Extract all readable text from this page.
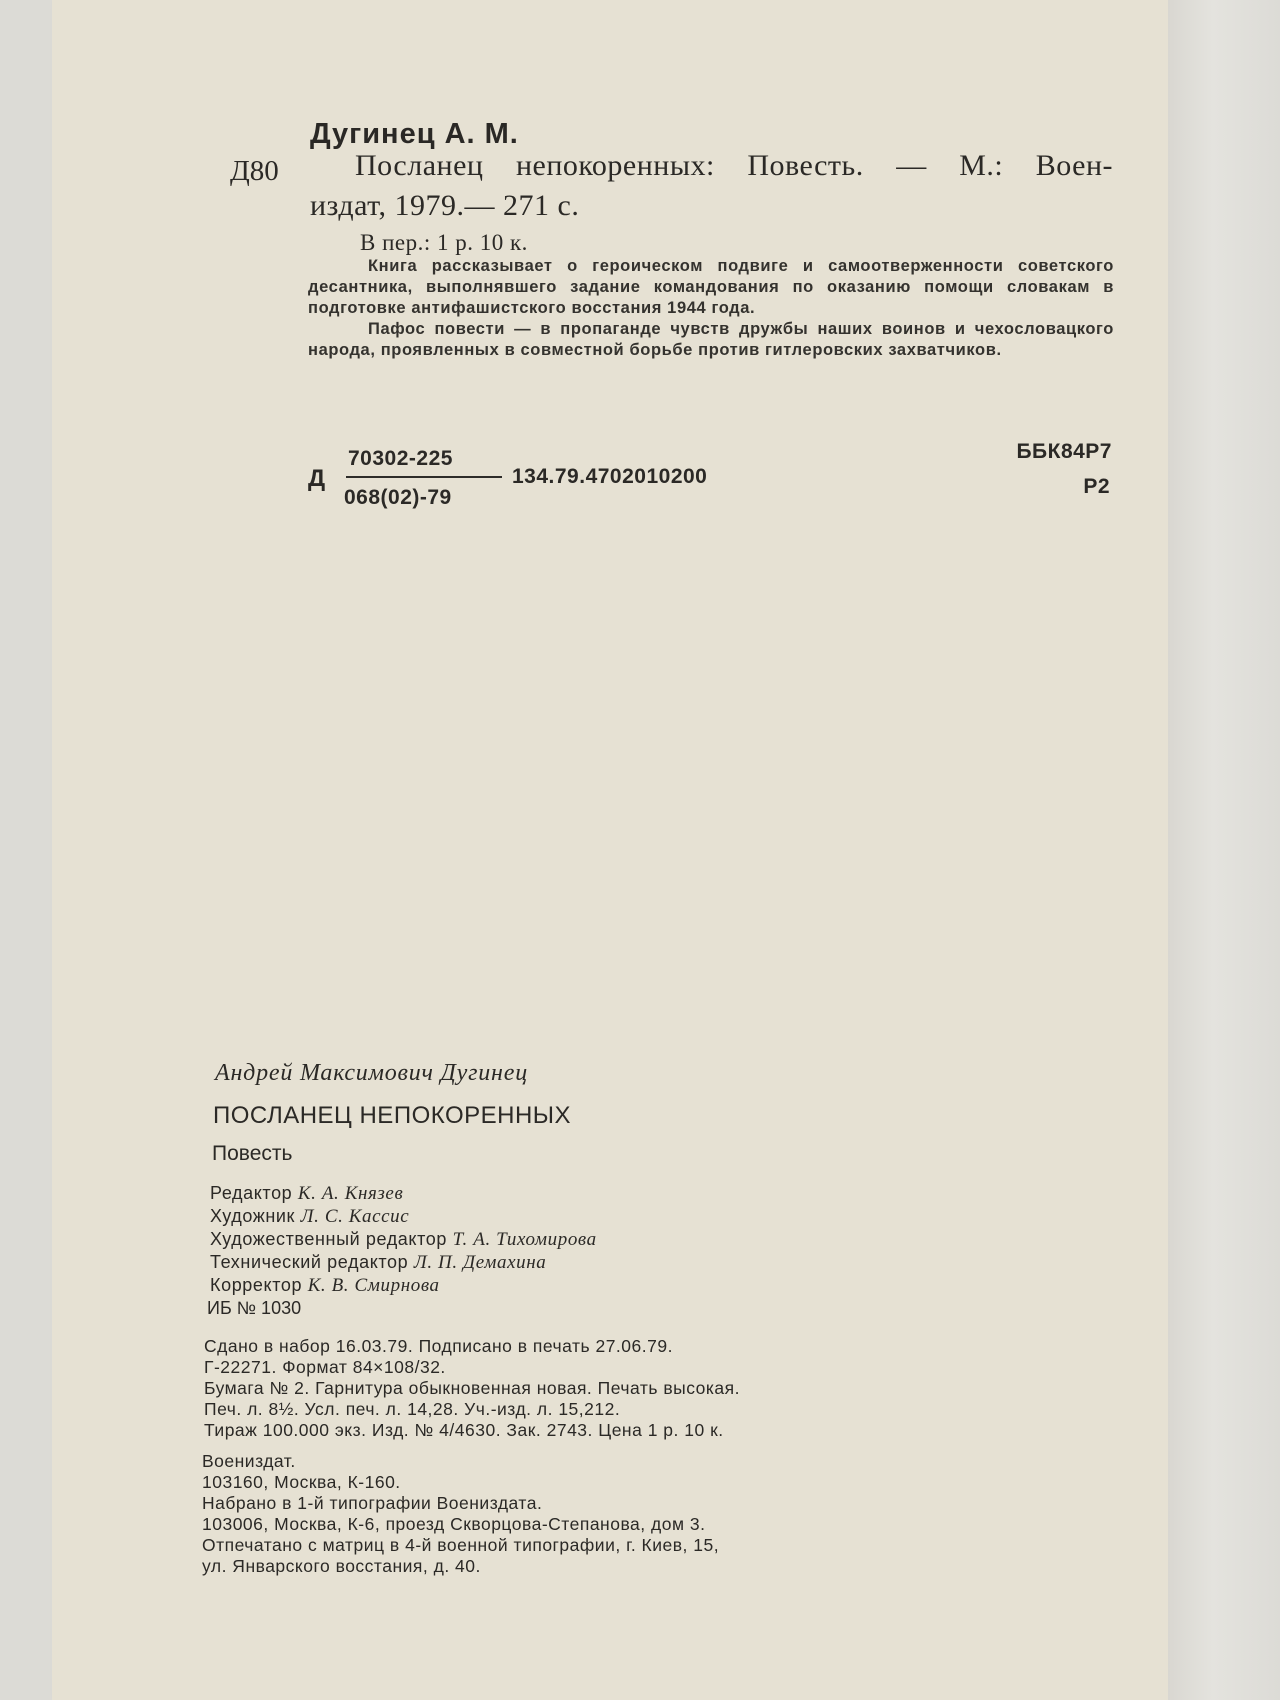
Дугинец А. М.
Д80	Посланец непокоренных: Повесть. — М.: Воен-
издат, 1979.— 271 с.
В пер.: 1 р. 10 к.

Книга рассказывает о героическом подвиге и самоотверженности советского десантника, выполнявшего задание командования по оказанию помощи словакам в подготовке антифашистского восстания 1944 года.

Пафос повести — в пропаганде чувств дружбы наших воинов и чехословацкого народа, проявленных в совместной борьбе против гитлеровских захватчиков.

Д
70302-225
068(02)-79
134.79.4702010200
ББК84Р7
Р2
Андрей Максимович Дугинец
ПОСЛАНЕЦ НЕПОКОРЕННЫХ
Повесть
Редактор К. А. Князев
Художник Л. С. Кассис
Художественный редактор Т. А. Тихомирова
Технический редактор Л. П. Демахина
Корректор К. В. Смирнова
ИБ № 1030
Сдано в набор 16.03.79. Подписано в печать 27.06.79.
Г-22271. Формат 84×108/32.
Бумага № 2. Гарнитура обыкновенная новая. Печать высокая.
Печ. л. 8½. Усл. печ. л. 14,28. Уч.-изд. л. 15,212.
Тираж 100.000 экз. Изд. № 4/4630. Зак. 2743. Цена 1 р. 10 к.
Воениздат.
103160, Москва, К-160.
Набрано в 1-й типографии Воениздата.
103006, Москва, К-6, проезд Скворцова-Степанова, дом 3.
Отпечатано с матриц в 4-й военной типографии, г. Киев, 15,
ул. Январского восстания, д. 40.
